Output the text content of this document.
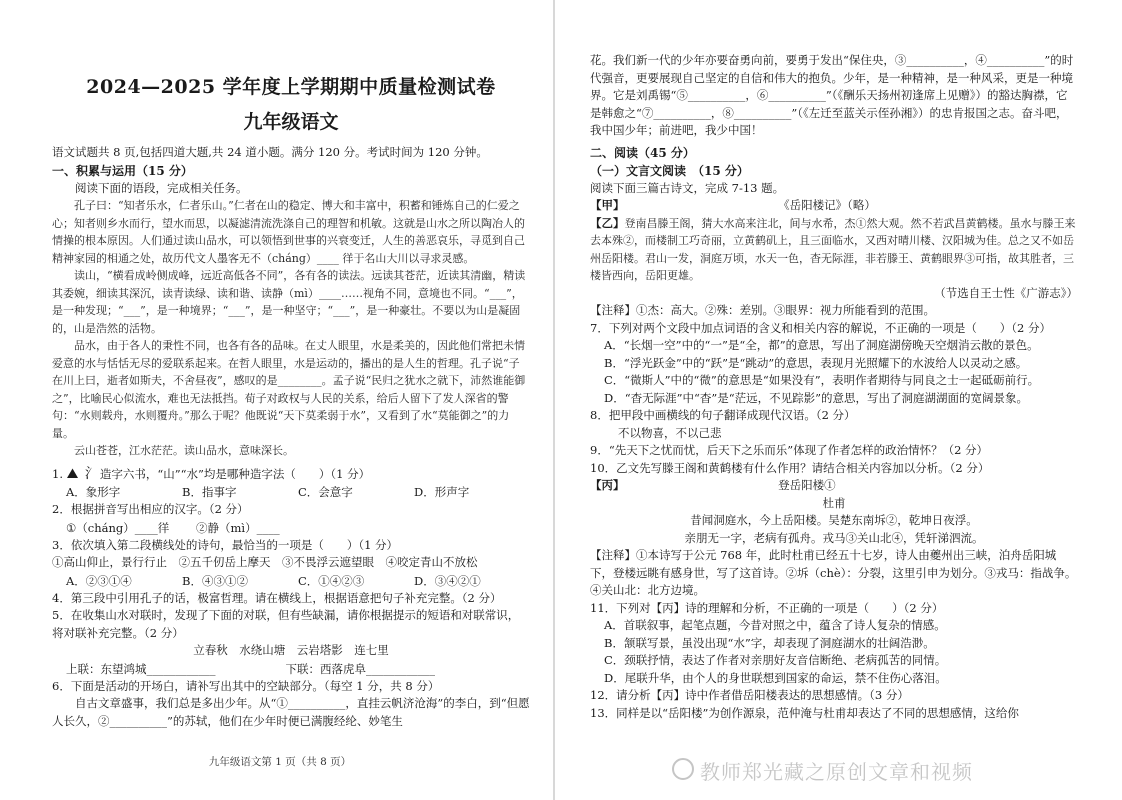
2024—2025 学年度上学期期中质量检测试卷
九年级语文

语文试题共 8 页,包括四道大题,共 24 道小题。满分 120 分。考试时间为 120 分钟。

一、积累与运用（15 分）

阅读下面的语段，完成相关任务。

孔子曰：“知者乐水，仁者乐山。”仁者在山的稳定、博大和丰富中，积蓄和锤炼自己的仁爱之心；知者则乡水而行，望水而思，以凝滤清流洗涤自己的理智和机敏。这就是山水之所以陶冶人的情操的根本原因。人们通过读山品水，可以领悟到世事的兴衰变迁，人生的善恶哀乐，寻觅到自己精神家园的相通之处，故历代文人墨客无不（cháng）____ 徉于名山大川以寻求灵感。

读山，“横看成岭侧成峰，远近高低各不同”，各有各的读法。远读其苍茫，近读其清幽，精读其委婉，细读其深沉，读青读绿、读和谐、读静（mì）____……视角不同，意境也不同。“___”，是一种发现；“___”，是一种境界；“___”，是一种坚守；“___”，是一种豪壮。不要以为山是凝固的，山是浩然的活物。

品水，由于各人的秉性不同，也各有各的品味。在丈人眼里，水是柔美的，因此他们常把未情爱意的水与恬恬无尽的爱联系起来。在哲人眼里，水是运动的，播出的是人生的哲理。孔子说“子在川上曰，逝者如斯夫，不舍昼夜”，感叹的是________。孟子说“民归之犹水之就下，沛然谁能御之”，比喻民心似流水，难也无法抵挡。荀子对政权与人民的关系，给后人留下了发人深省的警句：“水则载舟，水则覆舟。”那么于呢？他既说“天下莫柔弱于水”，又看到了水“莫能御之”的力量。

云山苍苍，江水茫茫。读山品水，意味深长。

1. ⛰ 氵造字六书，“山”“水”均是哪种造字法（　　）（1 分）

A．象形字	B．指事字	C．会意字	D．形声字

2．根据拼音写出相应的汉字。（2 分）

①（cháng）____徉	②静（mì）____

3．依次填入第二段横线处的诗句，最恰当的一项是（　　）（1 分）

①高山仰止，景行行止　②五千仞岳上摩天　③不畏浮云遮望眼　④咬定青山不放松

A．②③①④	B．④③①②	C．①④②③	D．③④②①

4．第三段中引用孔子的话，极富哲理。请在横线上，根据语意把句子补充完整。（2 分）

5．在收集山水对联时，发现了下面的对联，但有些缺漏，请你根据提示的短语和对联常识，将对联补充完整。（2 分）

立春秋　水绕山塘　云岩塔影　连七里

上联：东望鸿城____________	下联：西落虎阜____________

6．下面是活动的开场白，请补写出其中的空缺部分。（每空 1 分，共 8 分）

自古文章盛事，我们总是多出少年。从“①__________，直挂云帆济沧海”的李白，到“但愿人长久，②__________”的苏轼，他们在少年时便已满腹经纶、妙笔生

九年级语文第 1 页（共 8 页）

花。我们新一代的少年亦要奋勇向前，要勇于发出“保住央，③__________，④__________”的时代强音，更要展现自己坚定的自信和伟大的抱负。少年，是一种精神，是一种风采，更是一种境界。它是刘禹锡“⑤__________，⑥__________”（《酬乐天扬州初逢席上见赠》）的豁达胸襟，它是韩愈之“⑦__________，⑧__________”（《左迁至蓝关示侄孙湘》）的忠肯报国之志。奋斗吧，我中国少年；前进吧，我少中国！

二、阅读（45 分）

（一）文言文阅读　（15 分）

阅读下面三篇古诗文，完成 7-13 题。

【甲】	《岳阳楼记》（略）

【乙】登南昌滕王阁，猜大水高来注北，间与水希，杰①然大观。然不若武昌黄鹤楼。虽水与滕王来去本殊②，而楼制工巧奇丽，立黄鹤矶上，且三面临水，又西对晴川楼、汉阳城为佳。总之又不如岳州岳阳楼。君山一发，洞庭万顷，水天一色，杳无际涯，非若滕王、黄鹤眼界③可指，故其胜者，三楼皆西向，岳阳更雄。

（节选自王士性《广游志》）

【注释】①杰：高大。②殊：差别。③眼界：视力所能看到的范围。

7．下列对两个文段中加点词语的含义和相关内容的解说，不正确的一项是（　　）（2 分）

A．“长烟一空”中的“一”是“全，都”的意思，写出了洞庭湖傍晚天空烟消云散的景色。

B．“浮光跃金”中的“跃”是“跳动”的意思，表现月光照耀下的水波给人以灵动之感。

C．“微斯人”中的“微”的意思是“如果没有”，表明作者期待与同良之士一起砥砺前行。

D．“杳无际涯”中“杳”是“茫远，不见踪影”的意思，写出了洞庭湖湖面的宽阔景象。

8．把甲段中画横线的句子翻译成现代汉语。（2 分）

不以物喜，不以己悲

9．“先天下之忧而忧，后天下之乐而乐”体现了作者怎样的政治情怀？（2 分）

10．乙文先写滕王阁和黄鹤楼有什么作用？请结合相关内容加以分析。（2 分）

【丙】	登岳阳楼①

杜甫

昔闻洞庭水，今上岳阳楼。吴楚东南坼②，乾坤日夜浮。

亲朋无一字，老病有孤舟。戎马③关山北④，凭轩涕泗流。

【注释】①本诗写于公元 768 年，此时杜甫已经五十七岁，诗人由夔州出三峡，泊舟岳阳城下，登楼远眺有感身世，写了这首诗。②坼（chè）：分裂，这里引申为划分。③戎马：指战争。④关山北：北方边境。

11．下列对【丙】诗的理解和分析，不正确的一项是（　　）（2 分）

A．首联叙事，起笔点题，今昔对照之中，蕴含了诗人复杂的情感。

B．颔联写景，虽没出现“水”字，却表现了洞庭湖水的壮阔浩渺。

C．颈联抒情，表达了作者对亲朋好友音信断绝、老病孤苦的同情。

D．尾联升华，由个人的身世联想到国家的命运，禁不住伤心落泪。

12．请分析【丙】诗中作者借岳阳楼表达的思想感情。（3 分）

13．同样是以“岳阳楼”为创作源泉，范仲淹与杜甫却表达了不同的思想感情，这给你

教师郑光藏之原创文章和视频
